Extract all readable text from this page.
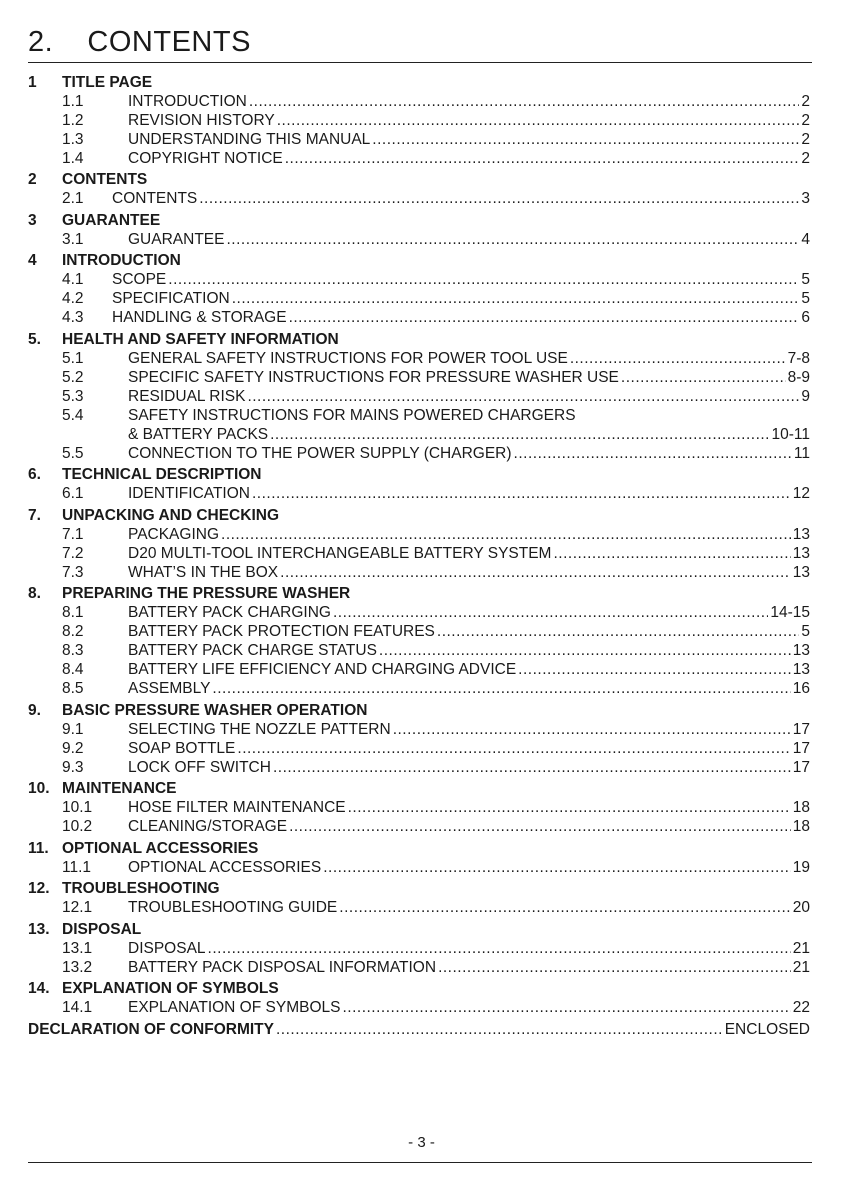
2.    CONTENTS
1	TITLE PAGE
1.1	INTRODUCTION .....	2
1.2	REVISION HISTORY .....	2
1.3	UNDERSTANDING THIS MANUAL .....	2
1.4	COPYRIGHT NOTICE .....	2
2	CONTENTS
2.1	CONTENTS .....	3
3	GUARANTEE
3.1	GUARANTEE .....	4
4	INTRODUCTION
4.1	SCOPE .....	5
4.2	SPECIFICATION .....	5
4.3	HANDLING & STORAGE .....	6
5.	HEALTH AND SAFETY INFORMATION
5.1	GENERAL SAFETY INSTRUCTIONS FOR POWER TOOL USE .....	7-8
5.2	SPECIFIC SAFETY INSTRUCTIONS FOR PRESSURE WASHER USE .....	8-9
5.3	RESIDUAL RISK .....	9
5.4	SAFETY INSTRUCTIONS FOR MAINS POWERED CHARGERS
& BATTERY PACKS .....	10-11
5.5	CONNECTION TO THE POWER SUPPLY (CHARGER) .....	11
6.	TECHNICAL DESCRIPTION
6.1	IDENTIFICATION .....	12
7.	UNPACKING AND CHECKING
7.1	PACKAGING .....	13
7.2	D20 MULTI-TOOL INTERCHANGEABLE BATTERY SYSTEM .....	13
7.3	WHAT’S IN THE BOX .....	13
8.	PREPARING THE PRESSURE WASHER
8.1	BATTERY PACK CHARGING .....	14-15
8.2	BATTERY PACK PROTECTION FEATURES .....	5
8.3	BATTERY PACK CHARGE STATUS .....	13
8.4	BATTERY LIFE EFFICIENCY AND CHARGING ADVICE .....	13
8.5	ASSEMBLY .....	16
9.	BASIC PRESSURE WASHER OPERATION
9.1	SELECTING THE NOZZLE PATTERN .....	17
9.2	SOAP BOTTLE .....	17
9.3	LOCK OFF SWITCH .....	17
10. MAINTENANCE
10.1	HOSE FILTER MAINTENANCE .....	18
10.2	CLEANING/STORAGE .....	18
11. OPTIONAL ACCESSORIES
11.1	OPTIONAL ACCESSORIES .....	19
12. TROUBLESHOOTING
12.1	TROUBLESHOOTING GUIDE .....	20
13. DISPOSAL
13.1	DISPOSAL .....	21
13.2	BATTERY PACK DISPOSAL INFORMATION .....	21
14. EXPLANATION OF SYMBOLS
14.1	EXPLANATION OF SYMBOLS .....	22
DECLARATION OF CONFORMITY .....	ENCLOSED
- 3 -
